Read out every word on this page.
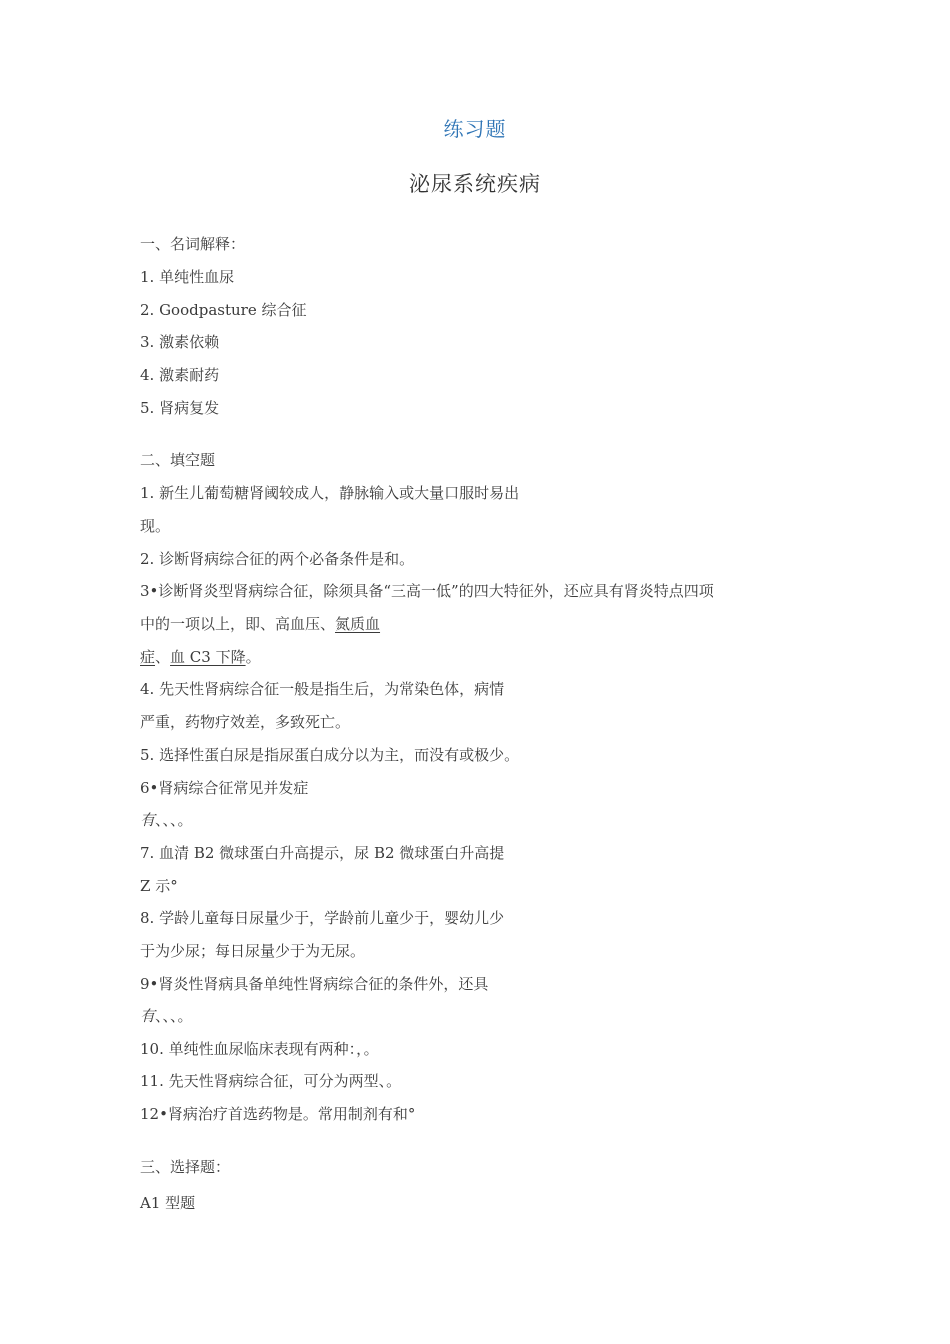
练习题
泌尿系统疾病
一、名词解释：
1. 单纯性血尿
2. Goodpasture 综合征
3. 激素依赖
4. 激素耐药
5. 肾病复发
二、填空题
1. 新生儿葡萄糖肾阈较成人，静脉输入或大量口服时易出
现。
2. 诊断肾病综合征的两个必备条件是和。
3•诊断肾炎型肾病综合征，除须具备“三高一低”的四大特征外，还应具有肾炎特点四项
中的一项以上，即、高血压、氮质血
症、血 C3 下降。
4. 先天性肾病综合征一般是指生后，为常染色体，病情
严重，药物疗效差，多致死亡。
5. 选择性蛋白尿是指尿蛋白成分以为主，而没有或极少。
6•肾病综合征常见并发症
有、、、。
7. 血清 B2 微球蛋白升高提示，尿 B2 微球蛋白升高提
Z 示°
8. 学龄儿童每日尿量少于，学龄前儿童少于，婴幼儿少
于为少尿；每日尿量少于为无尿。
9•肾炎性肾病具备单纯性肾病综合征的条件外，还具
有、、、。
10. 单纯性血尿临床表现有两种：，。
11. 先天性肾病综合征，可分为两型、。
12•肾病治疗首选药物是。常用制剂有和°
三、选择题：
A1 型题
